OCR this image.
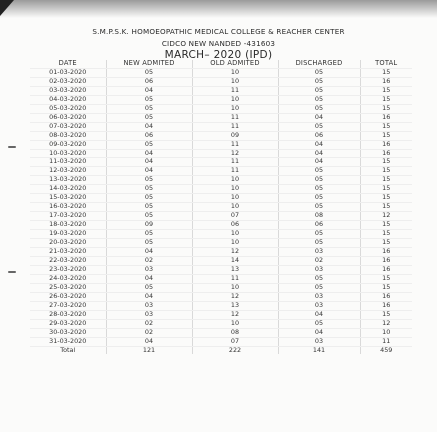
S.M.P.S.K. HOMOEOPATHIC MEDICAL COLLEGE & REACHER CENTER
CIDCO NEW NANDED -431603
MARCH– 2020 (IPD)
DATE	NEW ADMITED	OLD ADMITED	DISCHARGED	TOTAL
01-03-2020	05	10	05	15
02-03-2020	06	10	05	16
03-03-2020	04	11	05	15
04-03-2020	05	10	05	15
05-03-2020	05	10	05	15
06-03-2020	05	11	04	16
07-03-2020	04	11	05	15
08-03-2020	06	09	06	15
09-03-2020	05	11	04	16
10-03-2020	04	12	04	16
11-03-2020	04	11	04	15
12-03-2020	04	11	05	15
13-03-2020	05	10	05	15
14-03-2020	05	10	05	15
15-03-2020	05	10	05	15
16-03-2020	05	10	05	15
17-03-2020	05	07	08	12
18-03-2020	09	06	06	15
19-03-2020	05	10	05	15
20-03-2020	05	10	05	15
21-03-2020	04	12	03	16
22-03-2020	02	14	02	16
23-03-2020	03	13	03	16
24-03-2020	04	11	05	15
25-03-2020	05	10	05	15
26-03-2020	04	12	03	16
27-03-2020	03	13	03	16
28-03-2020	03	12	04	15
29-03-2020	02	10	05	12
30-03-2020	02	08	04	10
31-03-2020	04	07	03	11
Total	121	222	141	459
